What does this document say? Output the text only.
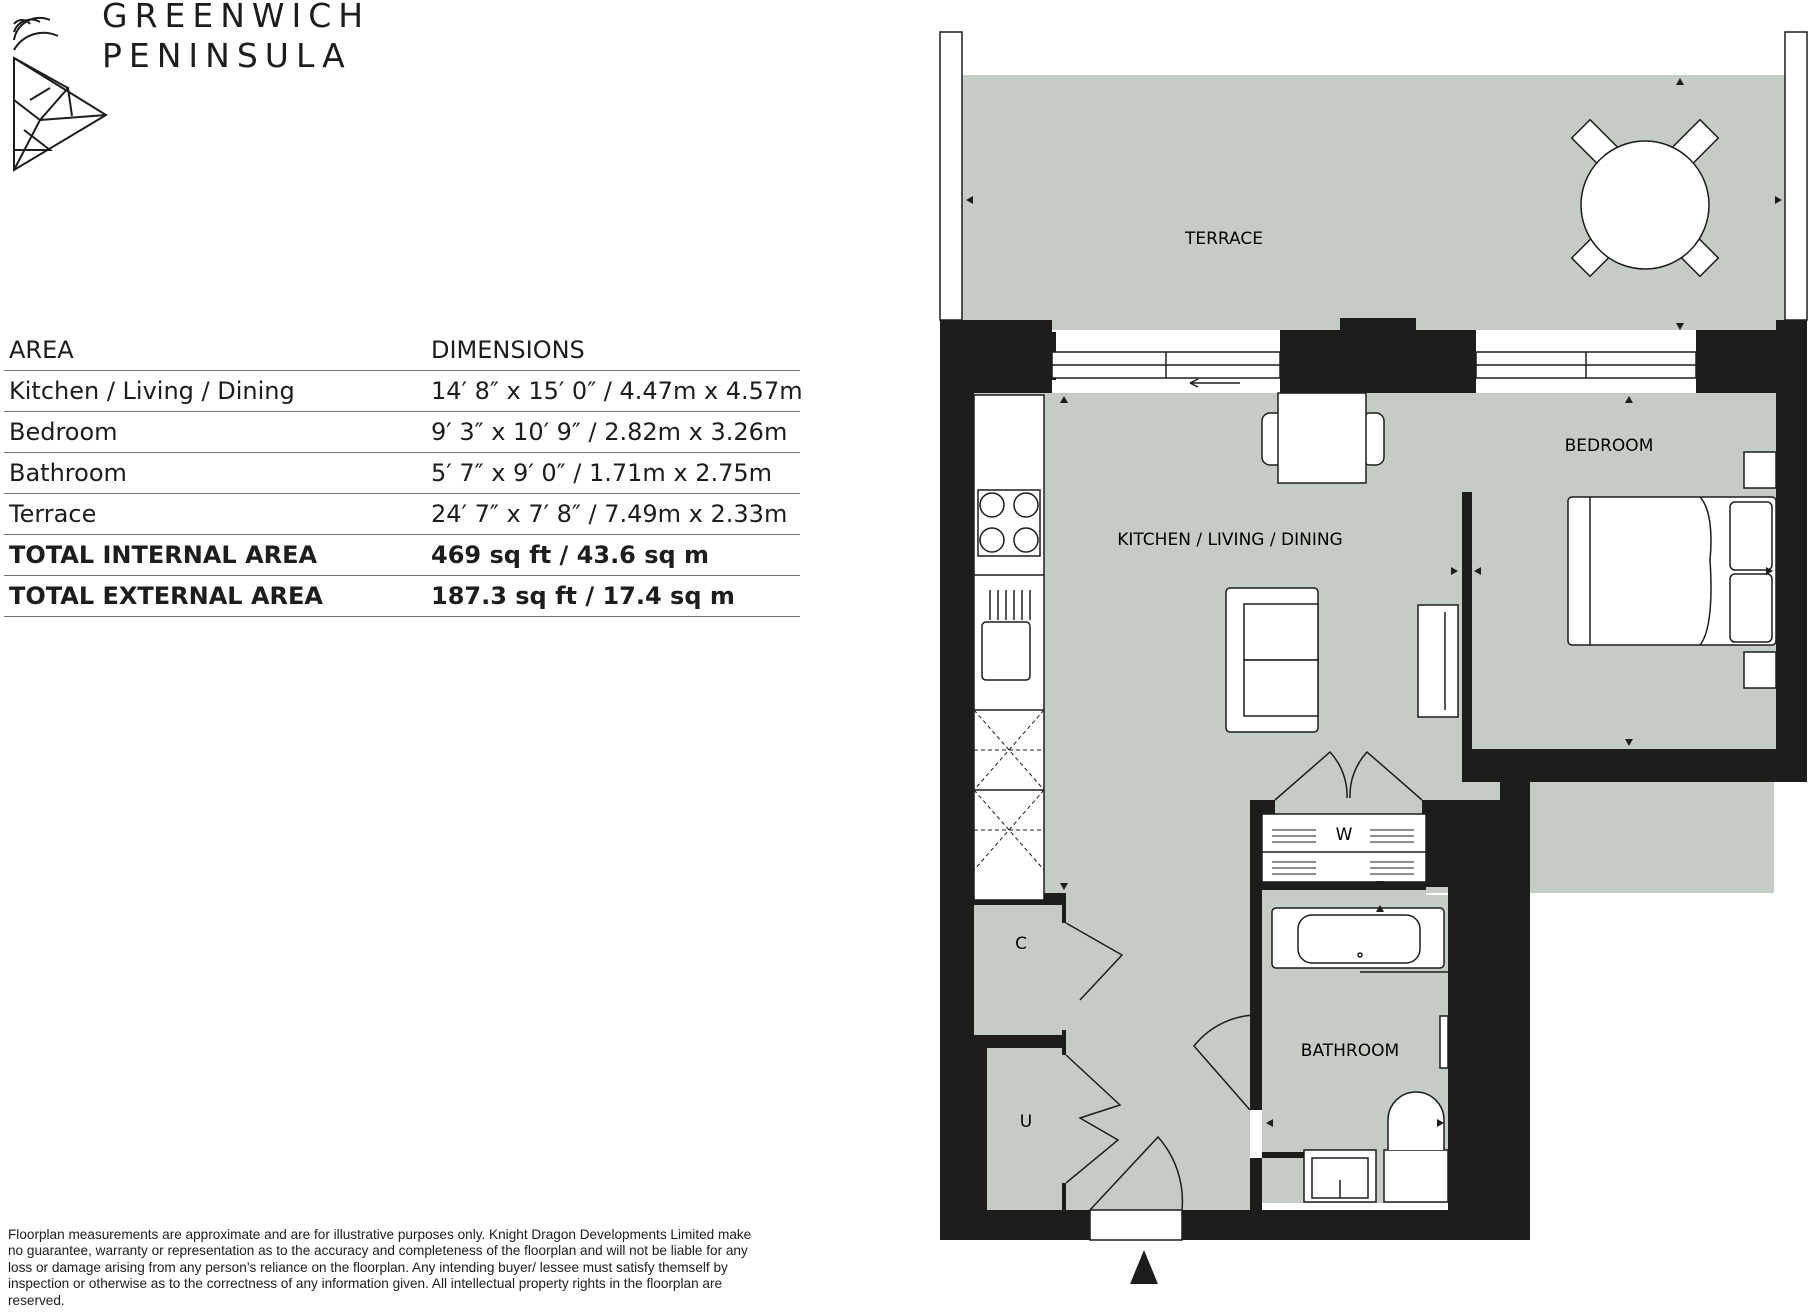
GREENWICH
PENINSULA
AREA	DIMENSIONS
Kitchen / Living / Dining	14′ 8″ x 15′ 0″ / 4.47m x 4.57m
Bedroom	9′ 3″ x 10′ 9″ / 2.82m x 3.26m
Bathroom	5′ 7″ x 9′ 0″ / 1.71m x 2.75m
Terrace	24′ 7″ x 7′ 8″ / 7.49m x 2.33m
TOTAL INTERNAL AREA	469 sq ft / 43.6 sq m
TOTAL EXTERNAL AREA	187.3 sq ft / 17.4 sq m
TERRACE
BEDROOM
KITCHEN / LIVING / DINING
W
C
U
BATHROOM
Floorplan measurements are approximate and are for illustrative purposes only. Knight Dragon Developments Limited make no guarantee, warranty or representation as to the accuracy and completeness of the floorplan and will not be liable for any loss or damage arising from any person’s reliance on the floorplan. Any intending buyer/ lessee must satisfy themself by inspection or otherwise as to the correctness of any information given. All intellectual property rights in the floorplan are reserved.
